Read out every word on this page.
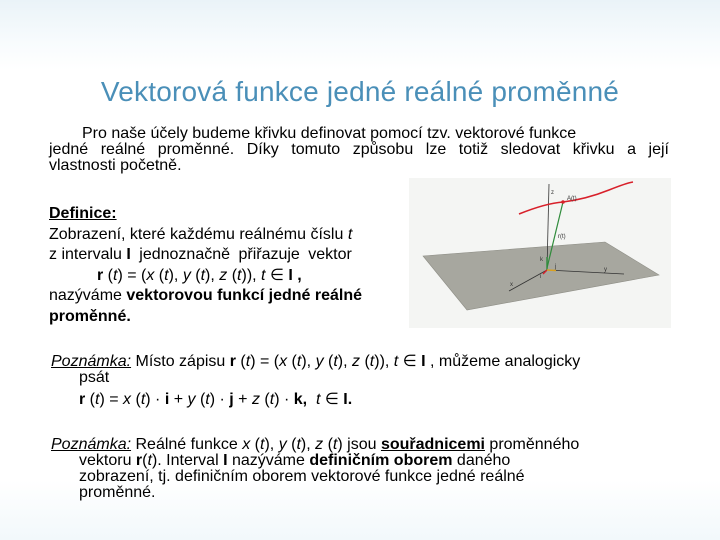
Vektorová funkce jedné reálné proměnné
Pro naše účely budeme křivku definovat pomocí tzv. vektorové funkce
jedné reálné proměnné. Díky tomuto způsobu lze totiž sledovat křivku a její
vlastnosti početně.
Definice:
Zobrazení, které každému reálnému číslu t
z intervalu I jednoznačně přiřazuje vektor
r (t) = (x (t), y (t), z (t)), t ∈ I ,
nazýváme vektorovou funkcí jedné reálné
proměnné.
z
A(t)
r(t)
k
i
j	y
x
Poznámka: Místo zápisu r (t) = (x (t), y (t), z (t)), t ∈ I , můžeme analogicky
psát
r (t) = x (t) · i + y (t) · j + z (t) · k, t ∈ I.
Poznámka: Reálné funkce x (t), y (t), z (t) jsou souřadnicemi proměnného
vektoru r(t). Interval I nazýváme definičním oborem daného
zobrazení, tj. definičním oborem vektorové funkce jedné reálné
proměnné.
